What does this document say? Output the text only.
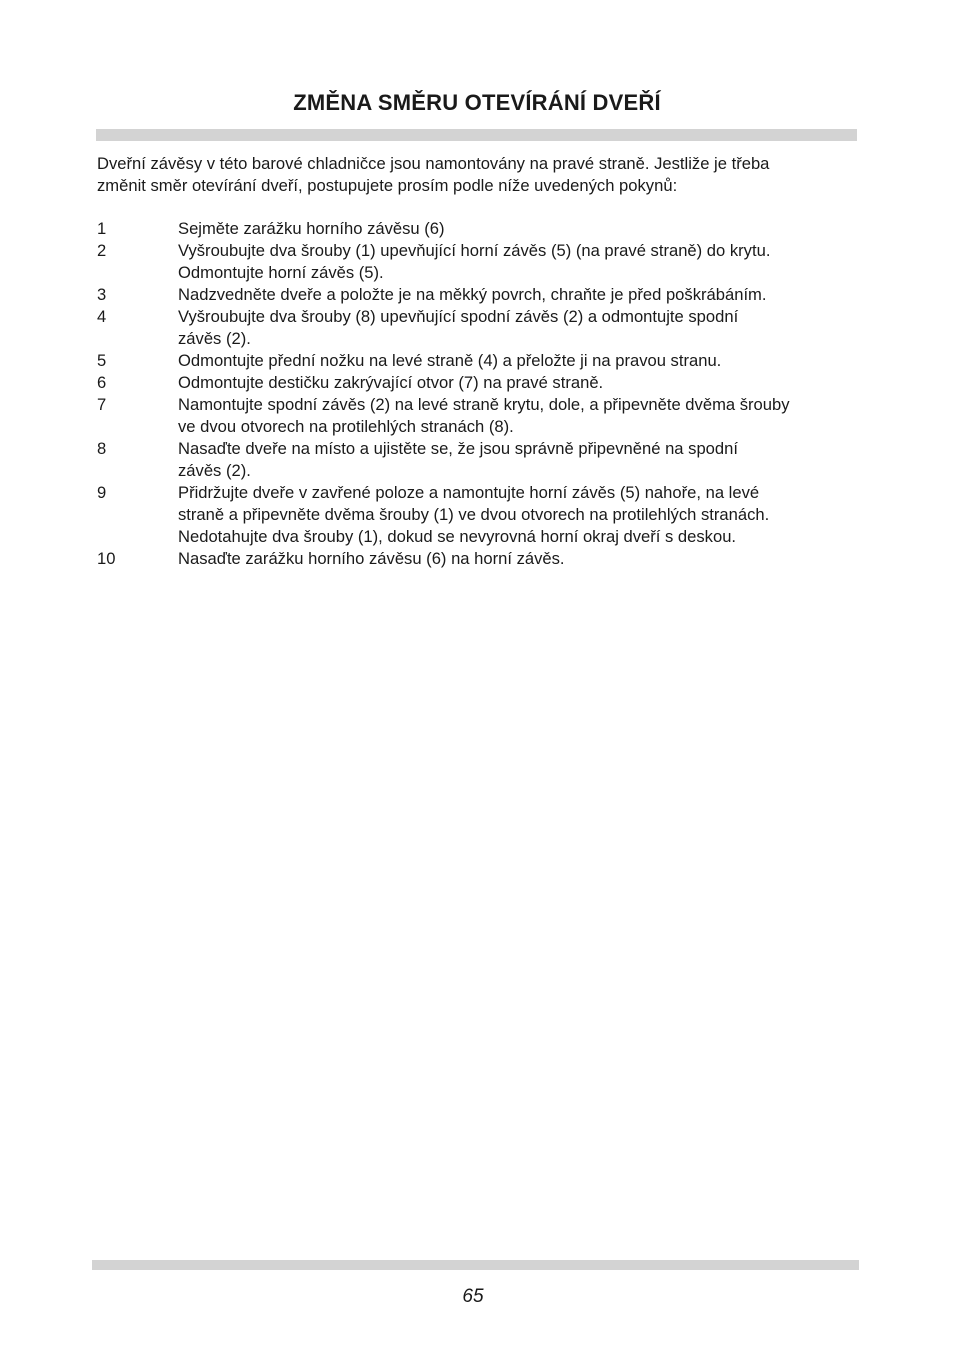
ZMĚNA SMĚRU OTEVÍRÁNÍ DVEŘÍ

Dveřní závěsy v této barové chladničce jsou namontovány na pravé straně. Jestliže je třeba
změnit směr otevírání dveří, postupujete prosím podle níže uvedených pokynů:

1	Sejměte zarážku horního závěsu (6)
2	Vyšroubujte dva šrouby (1) upevňující horní závěs (5) (na pravé straně) do krytu.
Odmontujte horní závěs (5).
3	Nadzvedněte dveře a položte je na měkký povrch, chraňte je před poškrábáním.
4	Vyšroubujte dva šrouby (8) upevňující spodní závěs (2) a odmontujte spodní
závěs (2).
5	Odmontujte přední nožku na levé straně (4) a přeložte ji na pravou stranu.
6	Odmontujte destičku zakrývající otvor (7) na pravé straně.
7	Namontujte spodní závěs (2) na levé straně krytu, dole, a připevněte dvěma šrouby
ve dvou otvorech na protilehlých stranách (8).
8	Nasaďte dveře na místo a ujistěte se, že jsou správně připevněné na spodní
závěs (2).
9	Přidržujte dveře v zavřené poloze a namontujte horní závěs (5) nahoře, na levé
straně a připevněte dvěma šrouby (1) ve dvou otvorech na protilehlých stranách.
Nedotahujte dva šrouby (1), dokud se nevyrovná horní okraj dveří s deskou.
10	Nasaďte zarážku horního závěsu (6) na horní závěs.
65
